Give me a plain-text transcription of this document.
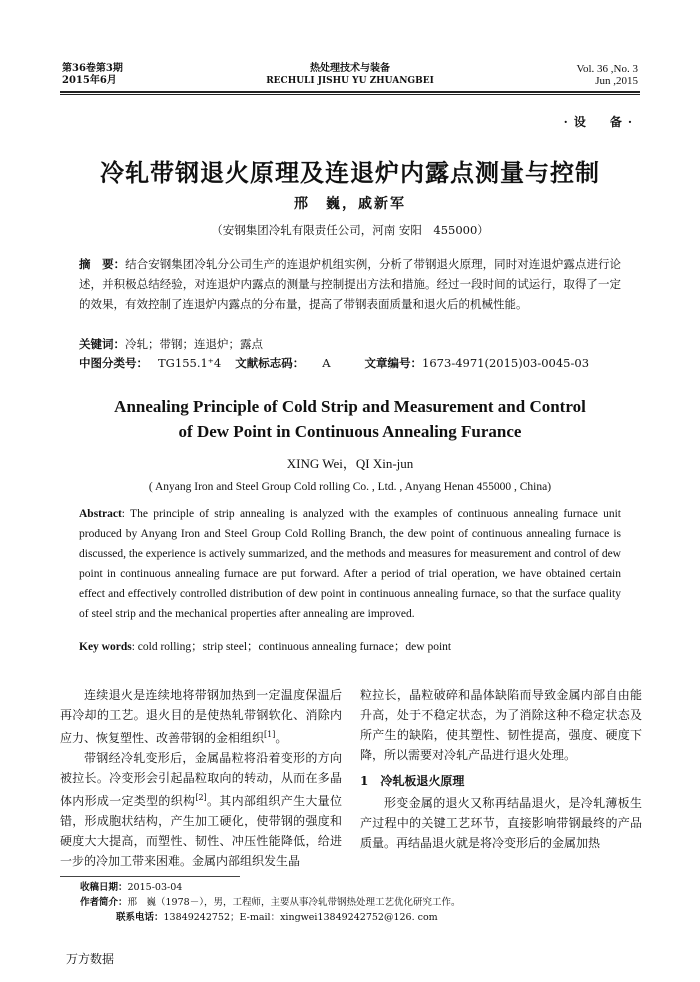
第36卷第3期
2015年6月
热处理技术与装备
RECHULI JISHU YU ZHUANGBEI
Vol. 36 ,No. 3
Jun ,2015
·设　备·
冷轧带钢退火原理及连退炉内露点测量与控制
邢　巍，戚新军
（安钢集团冷轧有限责任公司，河南 安阳　455000）
摘　要：结合安钢集团冷轧分公司生产的连退炉机组实例，分析了带钢退火原理，同时对连退炉露点进行论述，并积极总结经验，对连退炉内露点的测量与控制提出方法和措施。经过一段时间的试运行，取得了一定的效果，有效控制了连退炉内露点的分布量，提高了带钢表面质量和退火后的机械性能。
关键词：冷轧；带钢；连退炉；露点
中图分类号： TG155.1⁺4 文献标志码： A	文章编号：1673-4971(2015)03-0045-03
Annealing Principle of Cold Strip and Measurement and Control
of Dew Point in Continuous Annealing Furance
XING Wei，QI Xin-jun
( Anyang Iron and Steel Group Cold rolling Co. , Ltd. , Anyang Henan 455000 , China)
Abstract: The principle of strip annealing is analyzed with the examples of continuous annealing furnace unit produced by Anyang Iron and Steel Group Cold Rolling Branch, the dew point of continuous annealing furnace is discussed, the experience is actively summarized, and the methods and measures for measurement and control of dew point in continuous annealing furnace are put forward. After a period of trial operation, we have obtained certain effect and effectively controlled distribution of dew point in continuous annealing furnace, so that the surface quality of steel strip and the mechanical properties after annealing are improved.
Key words: cold rolling；strip steel；continuous annealing furnace；dew point

连续退火是连续地将带钢加热到一定温度保温后再冷却的工艺。退火目的是使热轧带钢软化、消除内应力、恢复塑性、改善带钢的金相组织[1]。

带钢经冷轧变形后，金属晶粒将沿着变形的方向被拉长。冷变形会引起晶粒取向的转动，从而在多晶体内形成一定类型的织构[2]。其内部组织产生大量位错，形成胞状结构，产生加工硬化，使带钢的强度和硬度大大提高，而塑性、韧性、冲压性能降低，给进一步的冷加工带来困难。金属内部组织发生晶

粒拉长，晶粒破碎和晶体缺陷而导致金属内部自由能升高，处于不稳定状态，为了消除这种不稳定状态及所产生的缺陷，使其塑性、韧性提高，强度、硬度下降，所以需要对冷轧产品进行退火处理。

1　冷轧板退火原理

形变金属的退火又称再结晶退火，是冷轧薄板生产过程中的关键工艺环节，直接影响带钢最终的产品质量。再结晶退火就是将冷变形后的金属加热

收稿日期：2015-03-04
作者简介：邢　巍（1978－），男，工程师，主要从事冷轧带钢热处理工艺优化研究工作。
联系电话：13849242752；E-mail：xingwei13849242752@126. com
万方数据
